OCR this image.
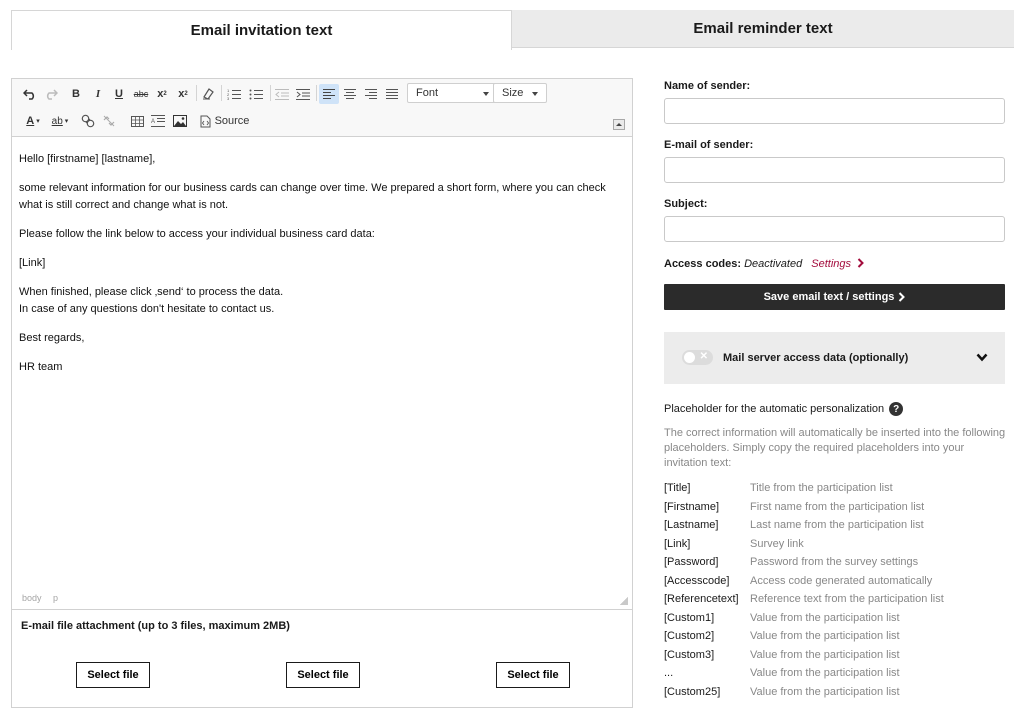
Email invitation text	Email reminder text
B	I	U	abc x 2 x 2
1
2
3	Font	Size
A ▾ ab ▾	A	Source

Hello [firstname] [lastname],

some relevant information for our business cards can change over time. We prepared a short form, where you can check what is still correct and change what is not.

Please follow the link below to access your individual business card data:

[Link]

When finished, please click ‚send‘ to process the data.
In case of any questions don't hesitate to contact us.

Best regards,

HR team

body p
E-mail file attachment (up to 3 files, maximum 2MB)
Select file	Select file	Select file
Name of sender:
E-mail of sender:
Subject:
Access codes: Deactivated Settings
Save email text / settings
✕ Mail server access data (optionally)
Placeholder for the automatic personalization ?
The correct information will automatically be inserted into the following placeholders. Simply copy the required placeholders into your invitation text:
[Title]	Title from the participation list
[Firstname]	First name from the participation list
[Lastname]	Last name from the participation list
[Link]	Survey link
[Password]	Password from the survey settings
[Accesscode]	Access code generated automatically
[Referencetext]	Reference text from the participation list
[Custom1]	Value from the participation list
[Custom2]	Value from the participation list
[Custom3]	Value from the participation list
...	Value from the participation list
[Custom25]	Value from the participation list
